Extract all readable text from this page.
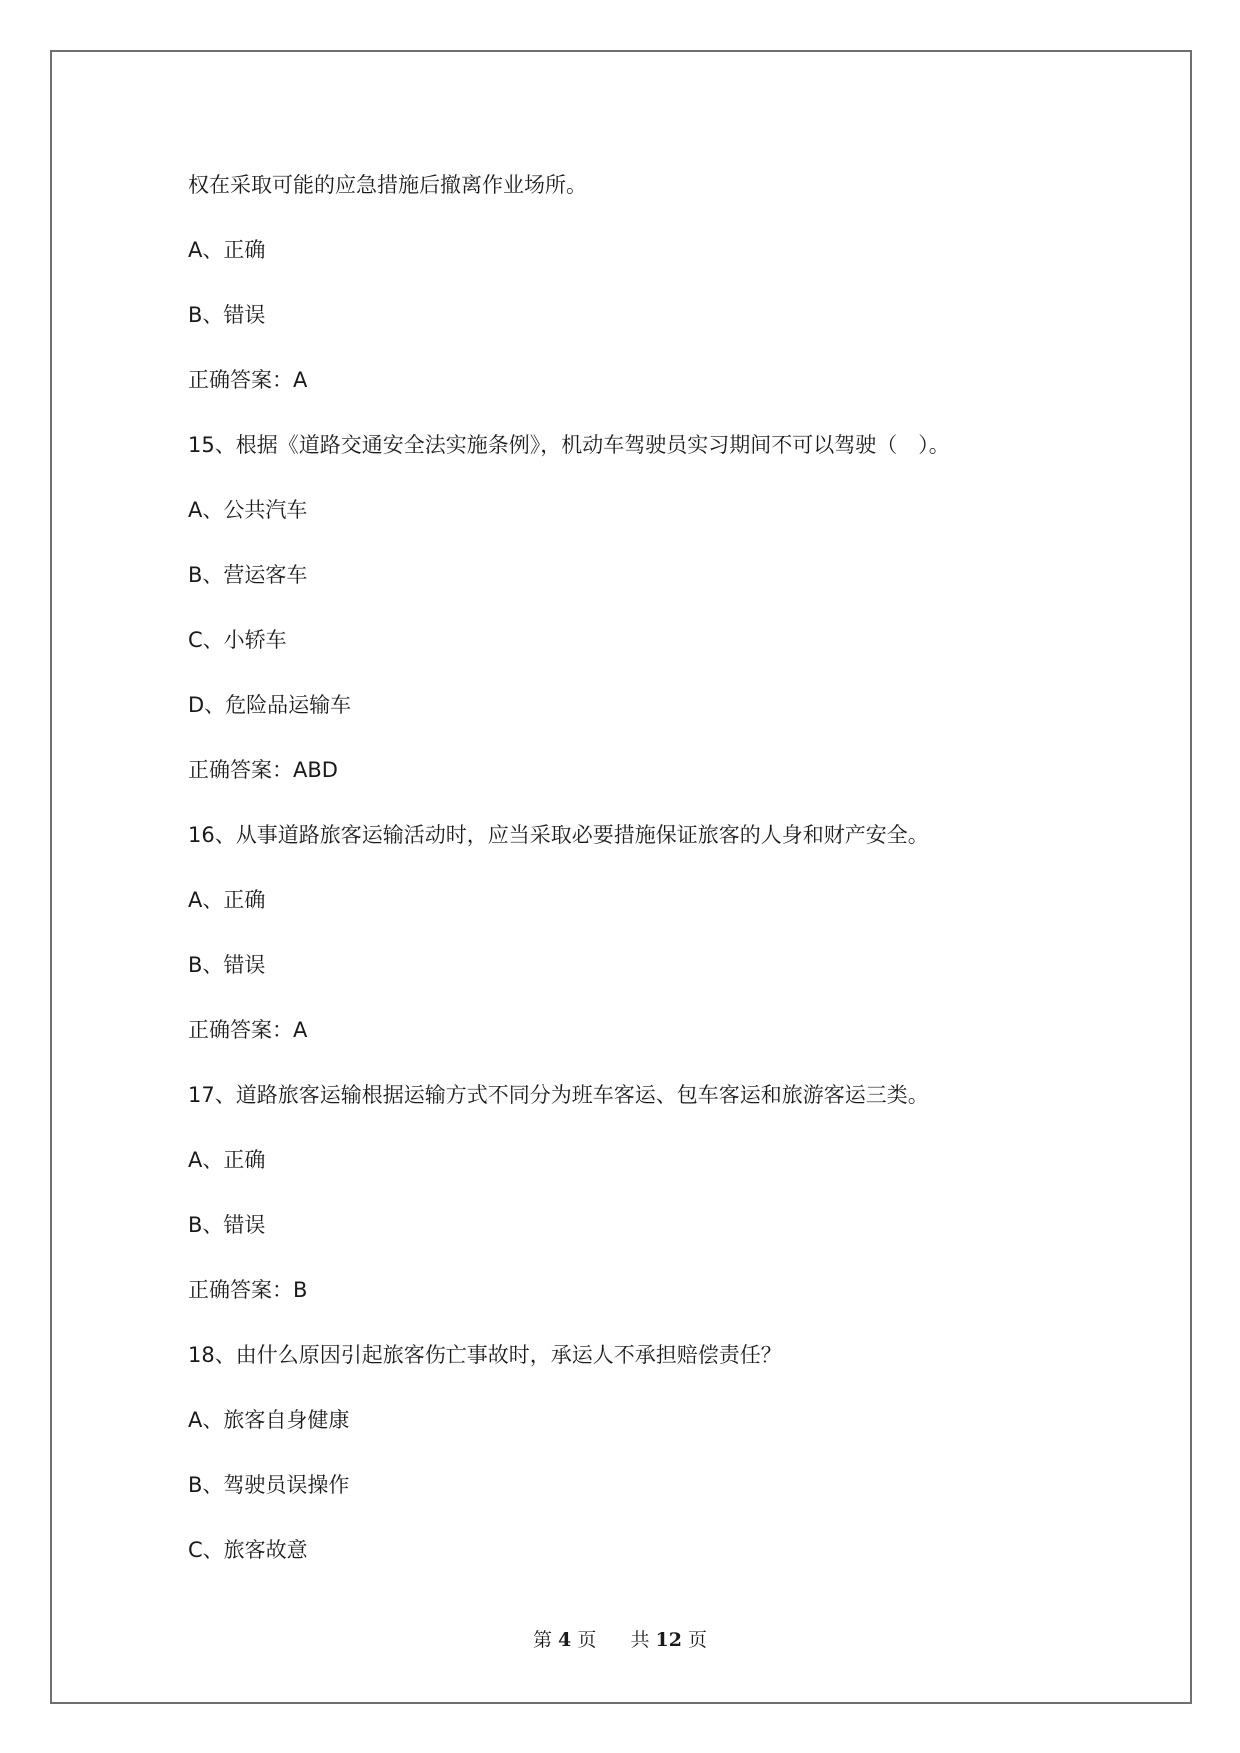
权在采取可能的应急措施后撤离作业场所。
A、正确
B、错误
正确答案：A
15、根据《道路交通安全法实施条例》，机动车驾驶员实习期间不可以驾驶（　）。
A、公共汽车
B、营运客车
C、小轿车
D、危险品运输车
正确答案：ABD
16、从事道路旅客运输活动时，应当采取必要措施保证旅客的人身和财产安全。
A、正确
B、错误
正确答案：A
17、道路旅客运输根据运输方式不同分为班车客运、包车客运和旅游客运三类。
A、正确
B、错误
正确答案：B
18、由什么原因引起旅客伤亡事故时，承运人不承担赔偿责任？
A、旅客自身健康
B、驾驶员误操作
C、旅客故意
第 4 页 共 12 页
